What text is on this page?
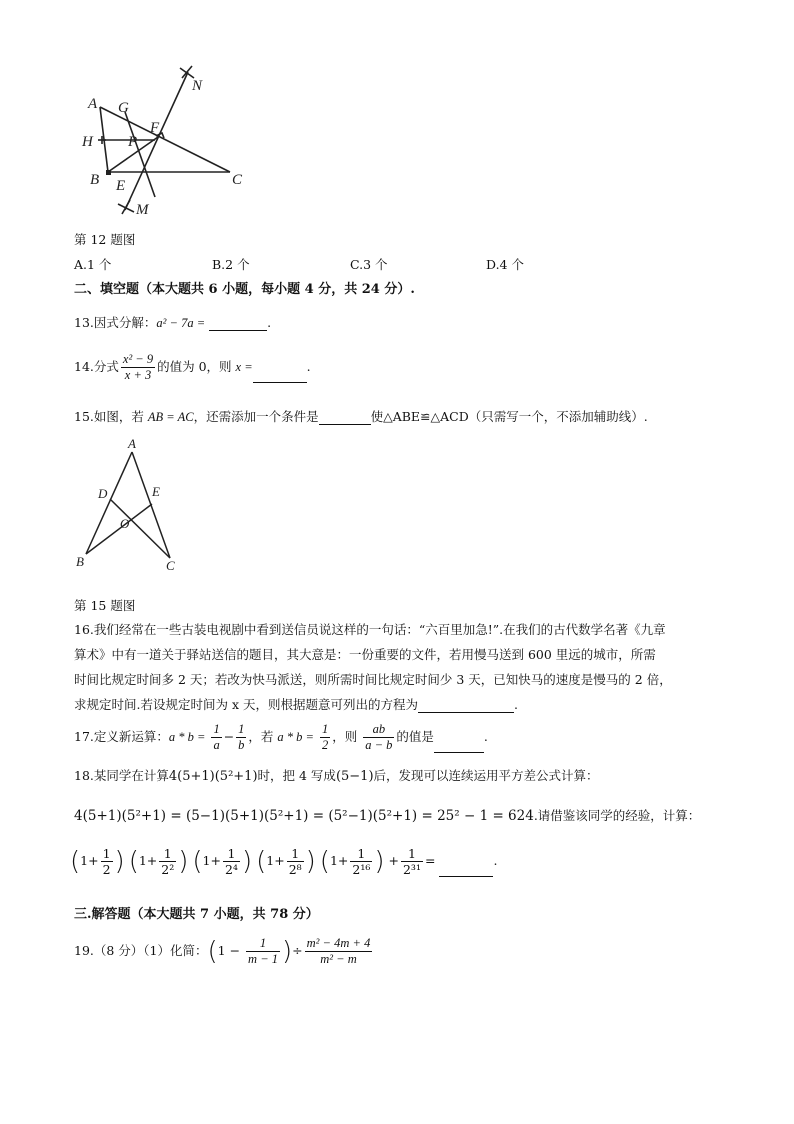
A G
H
F
P
B E	C
N
M
第 12 题图
A.1 个	B.2 个	C.3 个	D.4 个
二、填空题（本大题共 6 小题，每小题 4 分，共 24 分）.
13.因式分解：a² − 7a =	.
14.分式 $\frac{\text{x² − 9}}{x + 3}$ 的值为 0，则 x =	.
15.如图，若 AB = AC，还需添加一个条件是	使△ABE≌△ACD（只需写一个，不添加辅助线）.
A
D	E
O
B	C
第 15 题图
16.我们经常在一些古装电视剧中看到送信员说这样的一句话：“六百里加急!”.在我们的古代数学名著《九章
算术》中有一道关于驿站送信的题目，其大意是：一份重要的文件，若用慢马送到 600 里远的城市，所需
时间比规定时间多 2 天；若改为快马派送，则所需时间比规定时间少 3 天，已知快马的速度是慢马的 2 倍，
求规定时间.若设规定时间为 x 天，则根据题意可列出的方程为	.
17.定义新运算：$a * b = \frac{1}{a} - \frac{1}{b}$ ，若 $a * b = \frac{1}{2}$ ，则 $\frac{ab}{a - b}$ 的值是	.
18.某同学在计算4(5+1)(5²+1)时，把 4 写成(5−1)后，发现可以连续运用平方差公式计算：
4(5+1)(5²+1) = (5−1)(5+1)(5²+1) = (5²−1)(5²+1) = 25² − 1 = 624.请借鉴该同学的经验，计算：
($1+ \frac{1}{2}$ ) ($1+ \frac{1}{\text{2²}}$ ) ($1+ \frac{1}{\text{2⁴}}$ ) ($1+ \frac{1}{\text{2⁸}}$ ) ($1+ \frac{1}{\text{2¹⁶}}$ ) + $\frac{1}{\text{2³¹}}$ =	.
三.解答题（本大题共 7 小题，共 78 分）
19.（8 分）（1）化简：($1 - \frac{1}{m - 1}$ )÷ $\frac{\text{m² − 4m + 4}}{\text{m² − m}}$
